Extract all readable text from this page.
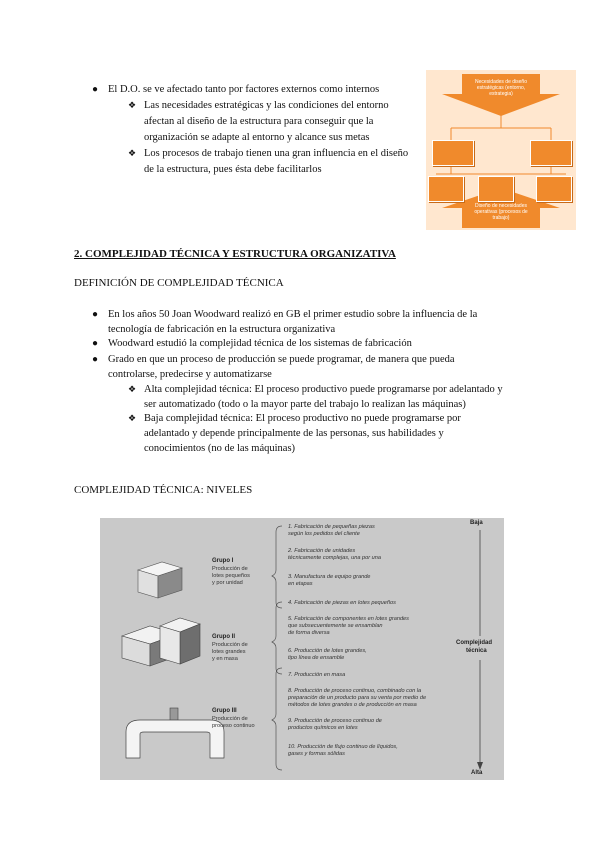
● El D.O. se ve afectado tanto por factores externos como internos
❖ Las necesidades estratégicas y las condiciones del entorno
afectan al diseño de la estructura para conseguir que la
organización se adapte al entorno y alcance sus metas
❖ Los procesos de trabajo tienen una gran influencia en el diseño
de la estructura, pues ésta debe facilitarlos
Necesidades de diseño
estratégicas (entorno,
estrategia)
Diseño de necesidades
operativas (procesos de
trabajo)
2. COMPLEJIDAD TÉCNICA Y ESTRUCTURA ORGANIZATIVA
DEFINICIÓN DE COMPLEJIDAD TÉCNICA
● En los años 50 Joan Woodward realizó en GB el primer estudio sobre la influencia de la
tecnología de fabricación en la estructura organizativa
● Woodward estudió la complejidad técnica de los sistemas de fabricación
● Grado en que un proceso de producción se puede programar, de manera que pueda
controlarse, predecirse y automatizarse
❖ Alta complejidad técnica: El proceso productivo puede programarse por adelantado y
ser automatizado (todo o la mayor parte del trabajo lo realizan las máquinas)
❖ Baja complejidad técnica: El proceso productivo no puede programarse por
adelantado y depende principalmente de las personas, sus habilidades y
conocimientos (no de las máquinas)
COMPLEJIDAD TÉCNICA: NIVELES
Grupo I
Producción de
lotes pequeños
y por unidad
Grupo II
Producción de
lotes grandes
y en masa
Grupo III
Producción de
proceso continuo
1. Fabricación de pequeñas piezas
según los pedidos del cliente
2. Fabricación de unidades
técnicamente complejas, una por una
3. Manufactura de equipo grande
en etapas
4. Fabricación de piezas en lotes pequeños
5. Fabricación de componentes en lotes grandes
que subsecuentemente se ensamblan
de forma diversa
6. Producción de lotes grandes,
tipo línea de ensamble
7. Producción en masa
8. Producción de proceso continuo, combinado con la
preparación de un producto para su venta por medio de
métodos de lotes grandes o de producción en masa
9. Producción de proceso continuo de
productos químicos en lotes
10. Producción de flujo continuo de líquidos,
gases y formas sólidas
Baja
Complejidad
técnica
Alta
